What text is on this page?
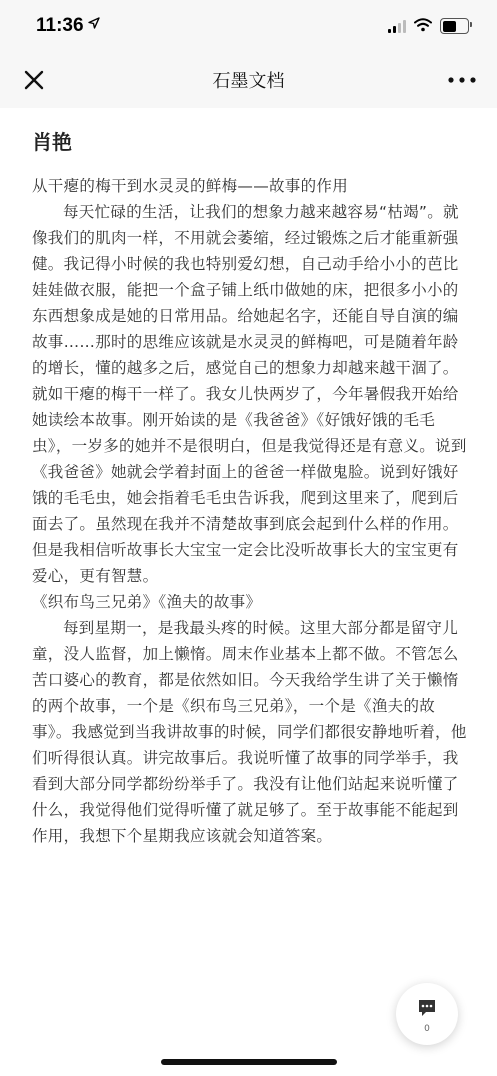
11:36
石墨文档
肖艳

从干瘪的梅干到水灵灵的鲜梅——故事的作用

每天忙碌的生活，让我们的想象力越来越容易“枯竭”。就像我们的肌肉一样，不用就会萎缩，经过锻炼之后才能重新强健。我记得小时候的我也特别爱幻想，自己动手给小小的芭比娃娃做衣服，能把一个盒子铺上纸巾做她的床，把很多小小的东西想象成是她的日常用品。给她起名字，还能自导自演的编故事……那时的思维应该就是水灵灵的鲜梅吧，可是随着年龄的增长，懂的越多之后，感觉自己的想象力却越来越干涸了。就如干瘪的梅干一样了。我女儿快两岁了，今年暑假我开始给她读绘本故事。刚开始读的是《我爸爸》《好饿好饿的毛毛虫》，一岁多的她并不是很明白，但是我觉得还是有意义。说到《我爸爸》她就会学着封面上的爸爸一样做鬼脸。说到好饿好饿的毛毛虫，她会指着毛毛虫告诉我，爬到这里来了，爬到后面去了。虽然现在我并不清楚故事到底会起到什么样的作用。但是我相信听故事长大宝宝一定会比没听故事长大的宝宝更有爱心，更有智慧。

《织布鸟三兄弟》《渔夫的故事》

每到星期一，是我最头疼的时候。这里大部分都是留守儿童，没人监督，加上懒惰。周末作业基本上都不做。不管怎么苦口婆心的教育，都是依然如旧。今天我给学生讲了关于懒惰的两个故事，一个是《织布鸟三兄弟》，一个是《渔夫的故事》。我感觉到当我讲故事的时候，同学们都很安静地听着，他们听得很认真。讲完故事后。我说听懂了故事的同学举手，我看到大部分同学都纷纷举手了。我没有让他们站起来说听懂了什么，我觉得他们觉得听懂了就足够了。至于故事能不能起到作用，我想下个星期我应该就会知道答案。

0
